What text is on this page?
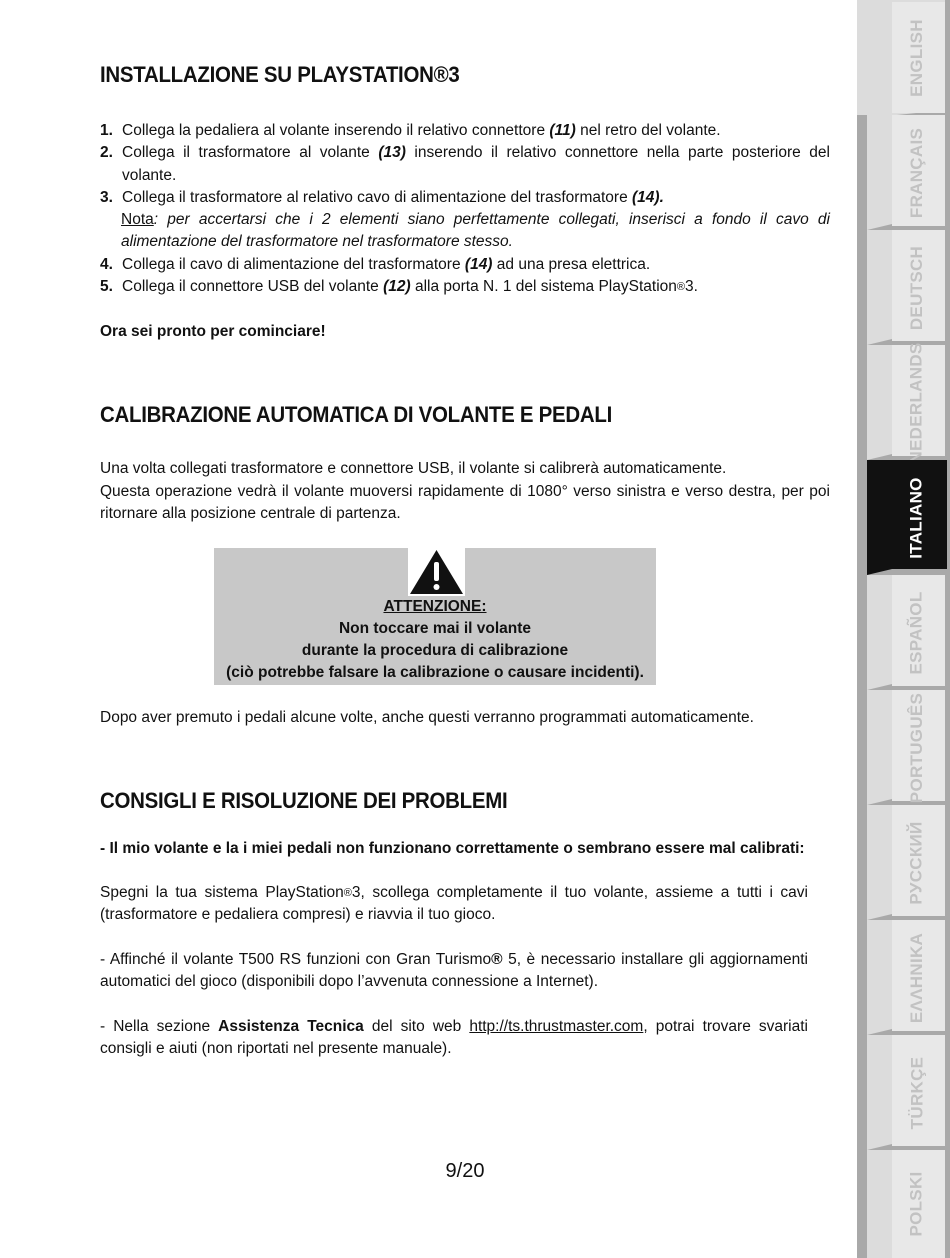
INSTALLAZIONE SU PLAYSTATION®3
1. Collega la pedaliera al volante inserendo il relativo connettore (11) nel retro del volante.
2. Collega il trasformatore al volante (13) inserendo il relativo connettore nella parte posteriore del volante.
3. Collega il trasformatore al relativo cavo di alimentazione del trasformatore (14).
Nota: per accertarsi che i 2 elementi siano perfettamente collegati, inserisci a fondo il cavo di alimentazione del trasformatore nel trasformatore stesso.
4. Collega il cavo di alimentazione del trasformatore (14) ad una presa elettrica.
5. Collega il connettore USB del volante (12) alla porta N. 1 del sistema PlayStation®3.
Ora sei pronto per cominciare!
CALIBRAZIONE AUTOMATICA DI VOLANTE E PEDALI
Una volta collegati trasformatore e connettore USB, il volante si calibrerà automaticamente.
Questa operazione vedrà il volante muoversi rapidamente di 1080° verso sinistra e verso destra, per poi ritornare alla posizione centrale di partenza.
Dopo aver premuto i pedali alcune volte, anche questi verranno programmati automaticamente.
CONSIGLI E RISOLUZIONE DEI PROBLEMI
- Il mio volante e la i miei pedali non funzionano correttamente o sembrano essere mal calibrati:
Spegni la tua sistema PlayStation®3, scollega completamente il tuo volante, assieme a tutti i cavi (trasformatore e pedaliera compresi) e riavvia il tuo gioco.
- Affinché il volante T500 RS funzioni con Gran Turismo® 5, è necessario installare gli aggiornamenti automatici del gioco (disponibili dopo l’avvenuta connessione a Internet).
- Nella sezione Assistenza Tecnica del sito web http://ts.thrustmaster.com, potrai trovare svariati consigli e aiuti (non riportati nel presente manuale).
9/20
ATTENZIONE:
Non toccare mai il volante
durante la procedura di calibrazione
(ciò potrebbe falsare la calibrazione o causare incidenti).
ENGLISH
FRANÇAIS
DEUTSCH
NEDERLANDS
ITALIANO
ESPAÑOL
PORTUGUÊS
РУССКИЙ
ΕΛΛΗΝΙΚΑ
TÜRKÇE
POLSKI
